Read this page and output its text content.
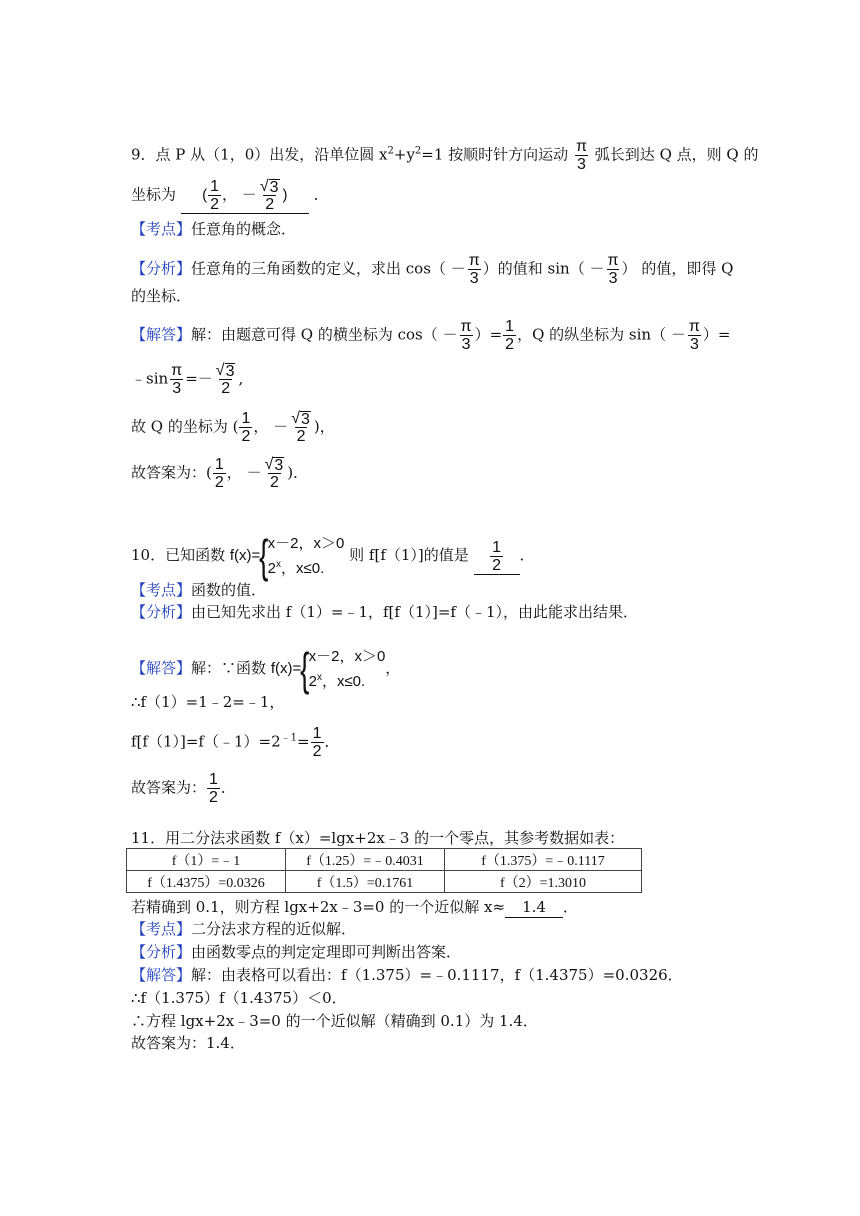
9．点 P 从（1，0）出发，沿单位圆 $x^2+y^2=1$ 按顺时针方向运动 $\frac{\pi}{3}$ 弧长到达 Q 点，则 Q 的
坐标为 ( $\frac{1}{2}$ ， － $\frac{√ 3}{2}$ ) ．
【考点】任意角的概念．
【分析】任意角的三角函数的定义，求出 $\cos( - \frac{\pi}{3}$ ）的值和 $\sin( - \frac{\pi}{3}$ ） 的值，即得 Q
的坐标．
【解答】解：由题意可得 Q 的横坐标为 $\cos( - \frac{\pi}{3}$ ）= $\frac{1}{2}$ ，Q 的纵坐标为 $\sin( - \frac{\pi}{3}$ ）=
﹣sin $\frac{\pi}{3} =- \frac{√ 3}{2}$ ,
故 Q 的坐标为 ( $\frac{1}{2}$ ， － $\frac{√ 3}{2}$ )，
故答案为：( $\frac{1}{2}$ ， － $\frac{√ 3}{2}$ )．
10．已知函数 f(x)= { x－2，x＞0
2$^x$，x≤0.
则 f[f（1）]的值是 $\frac{1}{2}$ ．
【考点】函数的值．
【分析】由已知先求出 f（1）=﹣1，f[f（1）]=f（﹣1），由此能求出结果．
【解答】解：∵函数 f(x)= { x－2，x＞0
2$^x$，x≤0.
，
∴f（1）=1﹣2=﹣1，
$f[f(1)]=f(﹣1)=2^{﹣1}= \frac{1}{2}$ ．
故答案为： $\frac{1}{2}$ ．
11．用二分法求函数 f（x）=lgx+2x﹣3 的一个零点，其参考数据如表：
f（1）=﹣1	f（1.25）=﹣0.4031	f（1.375）=﹣0.1117
f（1.4375）=0.0326	f（1.5）=0.1761	f（2）=1.3010
若精确到 0.1，则方程 lgx+2x﹣3=0 的一个近似解 x≈ 1.4 ．
【考点】二分法求方程的近似解．
【分析】由函数零点的判定定理即可判断出答案．
【解答】解：由表格可以看出：f（1.375）=﹣0.1117，f（1.4375）=0.0326．
∴f（1.375）f（1.4375）＜0．
∴方程 lgx+2x﹣3=0 的一个近似解（精确到 0.1）为 1.4．
故答案为：1.4．
